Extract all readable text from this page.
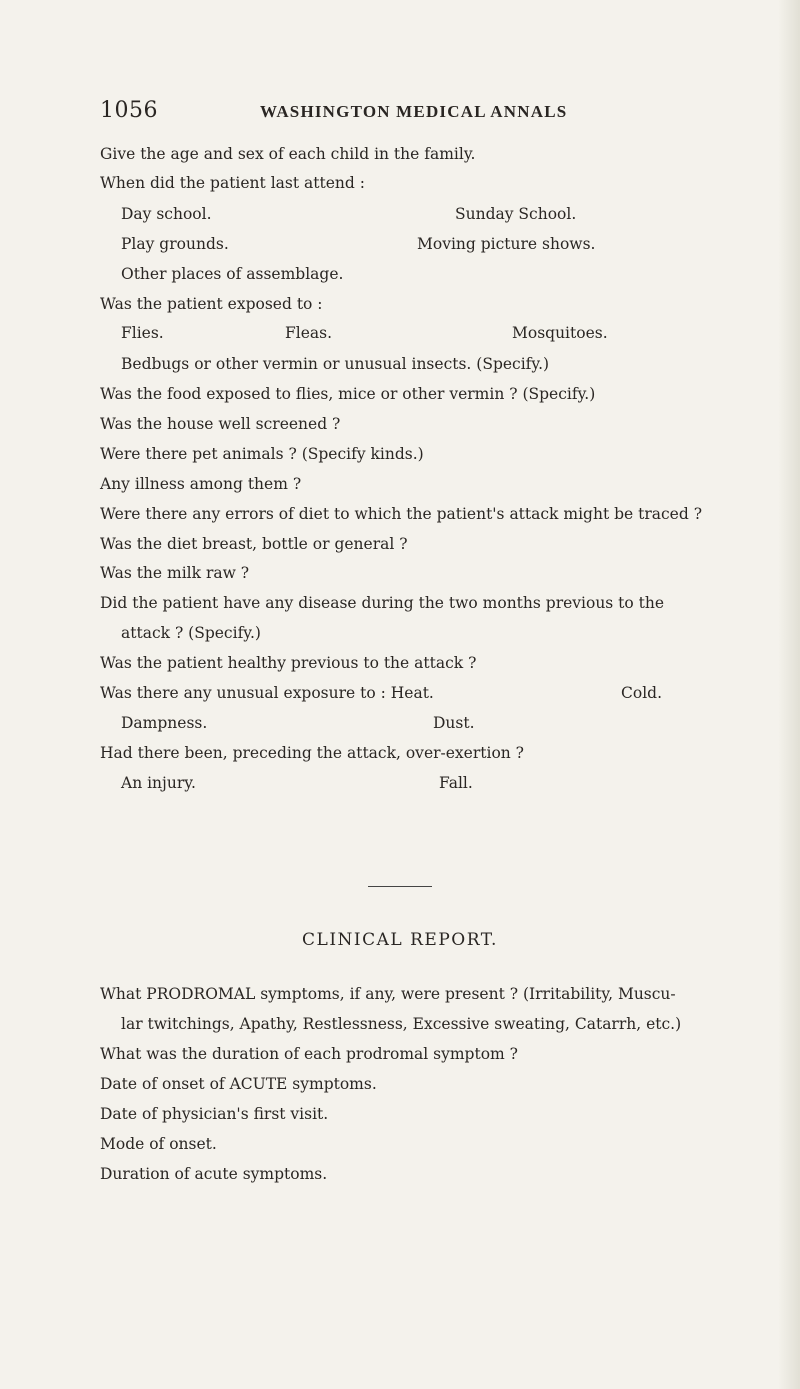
1056	WASHINGTON MEDICAL ANNALS
Give the age and sex of each child in the family.
When did the patient last attend :
Day school.	Sunday School.
Play grounds.	Moving picture shows.
Other places of assemblage.
Was the patient exposed to :
Flies.	Fleas.	Mosquitoes.
Bedbugs or other vermin or unusual insects. (Specify.)
Was the food exposed to flies, mice or other vermin ? (Specify.)
Was the house well screened ?
Were there pet animals ? (Specify kinds.)
Any illness among them ?
Were there any errors of diet to which the patient's attack might be traced ?
Was the diet breast, bottle or general ?
Was the milk raw ?
Did the patient have any disease during the two months previous to the
attack ? (Specify.)
Was the patient healthy previous to the attack ?
Was there any unusual exposure to : Heat.	Cold.
Dampness.	Dust.
Had there been, preceding the attack, over-exertion ?
An injury.	Fall.
CLINICAL REPORT.
What PRODROMAL symptoms, if any, were present ? (Irritability, Muscu-
lar twitchings, Apathy, Restlessness, Excessive sweating, Catarrh, etc.)
What was the duration of each prodromal symptom ?
Date of onset of ACUTE symptoms.
Date of physician's first visit.
Mode of onset.
Duration of acute symptoms.
